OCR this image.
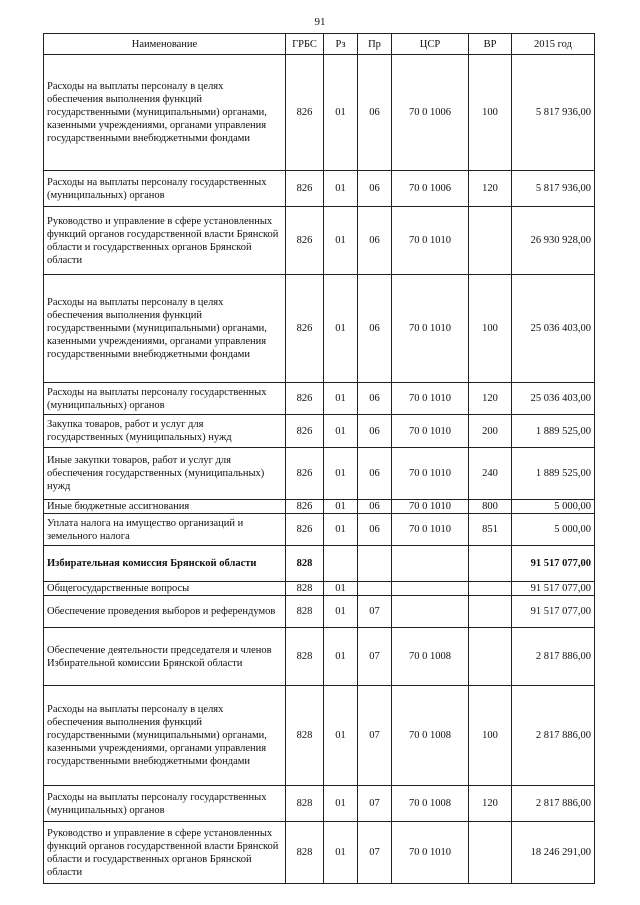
91
Наименование	ГРБС	Рз	Пр	ЦСР	ВР	2015 год
Расходы на выплаты персоналу в целях обеспечения выполнения функций государственными (муниципальными) органами, казенными учреждениями, органами управления государственными внебюджетными фондами	826	01	06	70 0 1006	100	5 817 936,00
Расходы на выплаты персоналу государственных (муниципальных) органов	826	01	06	70 0 1006	120	5 817 936,00
Руководство и управление в сфере установленных функций органов государственной власти Брянской области и государственных органов Брянской области	826	01	06	70 0 1010		26 930 928,00
Расходы на выплаты персоналу в целях обеспечения выполнения функций государственными (муниципальными) органами, казенными учреждениями, органами управления государственными внебюджетными фондами	826	01	06	70 0 1010	100	25 036 403,00
Расходы на выплаты персоналу государственных (муниципальных) органов	826	01	06	70 0 1010	120	25 036 403,00
Закупка товаров, работ и услуг для государственных (муниципальных) нужд	826	01	06	70 0 1010	200	1 889 525,00
Иные закупки товаров, работ и услуг для обеспечения государственных (муниципальных) нужд	826	01	06	70 0 1010	240	1 889 525,00
Иные бюджетные ассигнования	826	01	06	70 0 1010	800	5 000,00
Уплата налога на имущество организаций и земельного налога	826	01	06	70 0 1010	851	5 000,00
Избирательная комиссия Брянской области	828					91 517 077,00
Общегосударственные вопросы	828	01				91 517 077,00
Обеспечение проведения выборов и референдумов	828	01	07			91 517 077,00
Обеспечение деятельности председателя и членов Избирательной комиссии Брянской области	828	01	07	70 0 1008		2 817 886,00
Расходы на выплаты персоналу в целях обеспечения выполнения функций государственными (муниципальными) органами, казенными учреждениями, органами управления государственными внебюджетными фондами	828	01	07	70 0 1008	100	2 817 886,00
Расходы на выплаты персоналу государственных (муниципальных) органов	828	01	07	70 0 1008	120	2 817 886,00
Руководство и управление в сфере установленных функций органов государственной власти Брянской области и государственных органов Брянской области	828	01	07	70 0 1010		18 246 291,00
